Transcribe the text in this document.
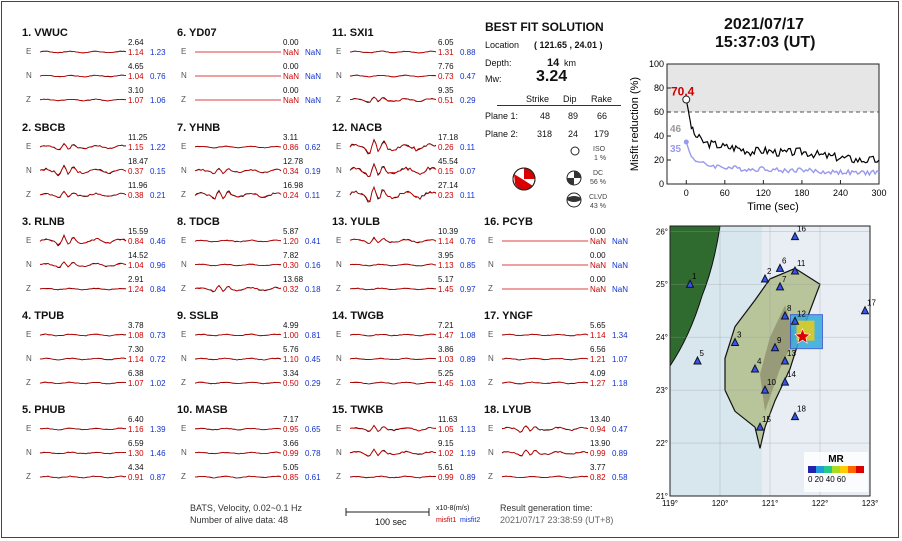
1. VWUC
E
2.64
1.14 1.23
N
4.65
1.04 0.76
Z
3.10
1.07 1.06
2. SBCB
E
11.25
1.15 1.22
N
18.47
0.37 0.15
Z
11.96
0.38 0.21
3. RLNB
E
15.59
0.84 0.46
N
14.52
1.04 0.96
Z
2.91
1.24 0.84
4. TPUB
E
3.78
1.08 0.73
N
7.30
1.14 0.72
Z
6.38
1.07 1.02
5. PHUB
E
6.40
1.16 1.39
N
6.59
1.30 1.46
Z
4.34
0.91 0.87
6. YD07
E
0.00
NaN NaN
N
0.00
NaN NaN
Z
0.00
NaN NaN
7. YHNB
E
3.11
0.86 0.62
N
12.78
0.34 0.19
Z
16.98
0.24 0.11
8. TDCB
E
5.87
1.20 0.41
N
7.82
0.30 0.16
Z
13.68
0.32 0.18
9. SSLB
E
4.99
1.00 0.81
N
5.76
1.10 0.45
Z
3.34
0.50 0.29
10. MASB
E
7.17
0.95 0.65
N
3.66
0.99 0.78
Z
5.05
0.85 0.61
11. SXI1
E
6.05
1.31 0.88
N
7.76
0.73 0.47
Z
9.35
0.51 0.29
12. NACB
E
17.18
0.26 0.11
N
45.54
0.15 0.07
Z
27.14
0.23 0.11
13. YULB
E
10.39
1.14 0.76
N
3.95
1.13 0.85
Z
5.17
1.45 0.97
14. TWGB
E
7.21
1.47 1.08
N
3.86
1.03 0.89
Z
5.25
1.45 1.03
15. TWKB
E
11.63
1.05 1.13
N
9.15
1.02 1.19
Z
5.61
0.99 0.89
16. PCYB
E
0.00
NaN NaN
N
0.00
NaN NaN
Z
0.00
NaN NaN
17. YNGF
E
5.65
1.14 1.34
N
6.56
1.21 1.07
Z
4.09
1.27 1.18
18. LYUB
E
13.40
0.94 0.47
N
13.90
0.99 0.89
Z
3.77
0.82 0.58
BEST FIT SOLUTION
Location ( 121.65 , 24.01 )
Depth:	14 km
Mw: 3.24
Strike Dip Rake
Plane 1: 48 89 66
Plane 2: 318 24 179
ISO
1 %
DC
56 %
CLVD
43 %
2021/07/17
15:37:03 (UT)
100
80
60
40
20
0
0	60	120	180	240	300
Time (sec)
Misfit reduction (%)	70.4
46
35
26°
25°
24°
23°
22°
21°
119°	120°	121°	122°	123°
1
2
3
4
5
6
7
8
9
10
11
12
13
14
15
16
17
18
MR
0 20 40 60
BATS, Velocity, 0.02~0.1 Hz
Number of alive data: 48	100 sec
x10-8(m/s)
misfit1 misfit2
Result generation time:
2021/07/17 23:38:59 (UT+8)
